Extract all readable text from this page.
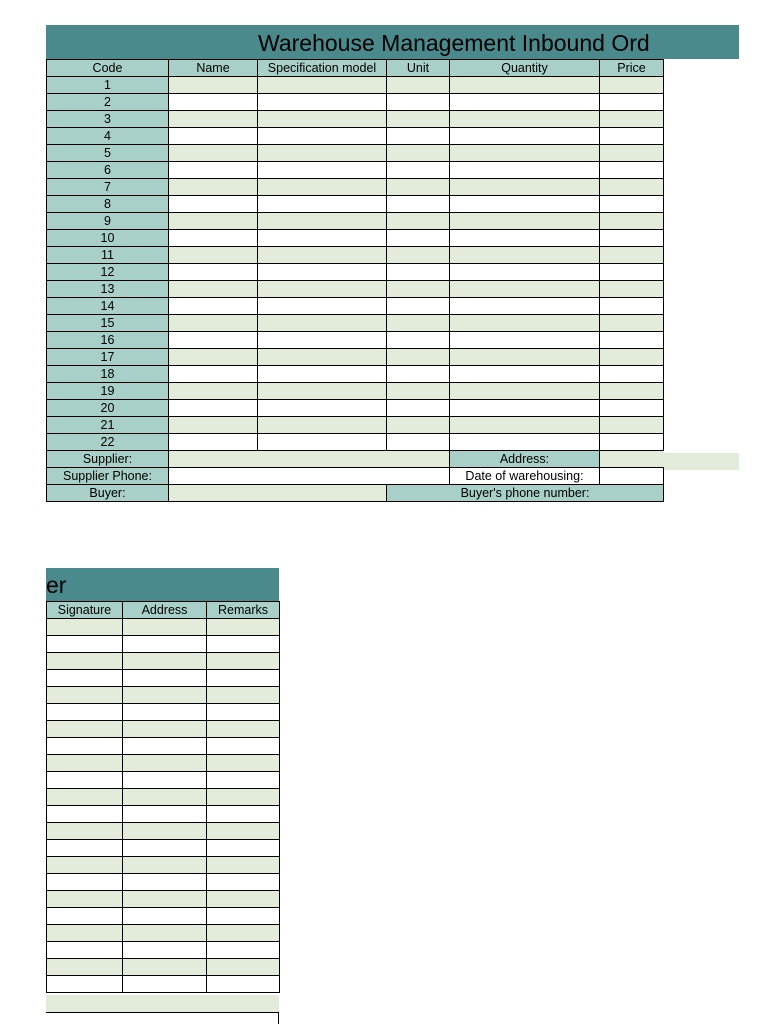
Warehouse Management Inbound Ord
Code	Name	Specification model	Unit	Quantity	Price
1					
2					
3					
4					
5					
6					
7					
8					
9					
10					
11					
12					
13					
14					
15					
16					
17					
18					
19					
20					
21					
22					
Supplier:				Address:	
Supplier Phone:				Date of warehousing:	
Buyer:			Buyer's phone number:		
er
Signature	Address	Remarks
